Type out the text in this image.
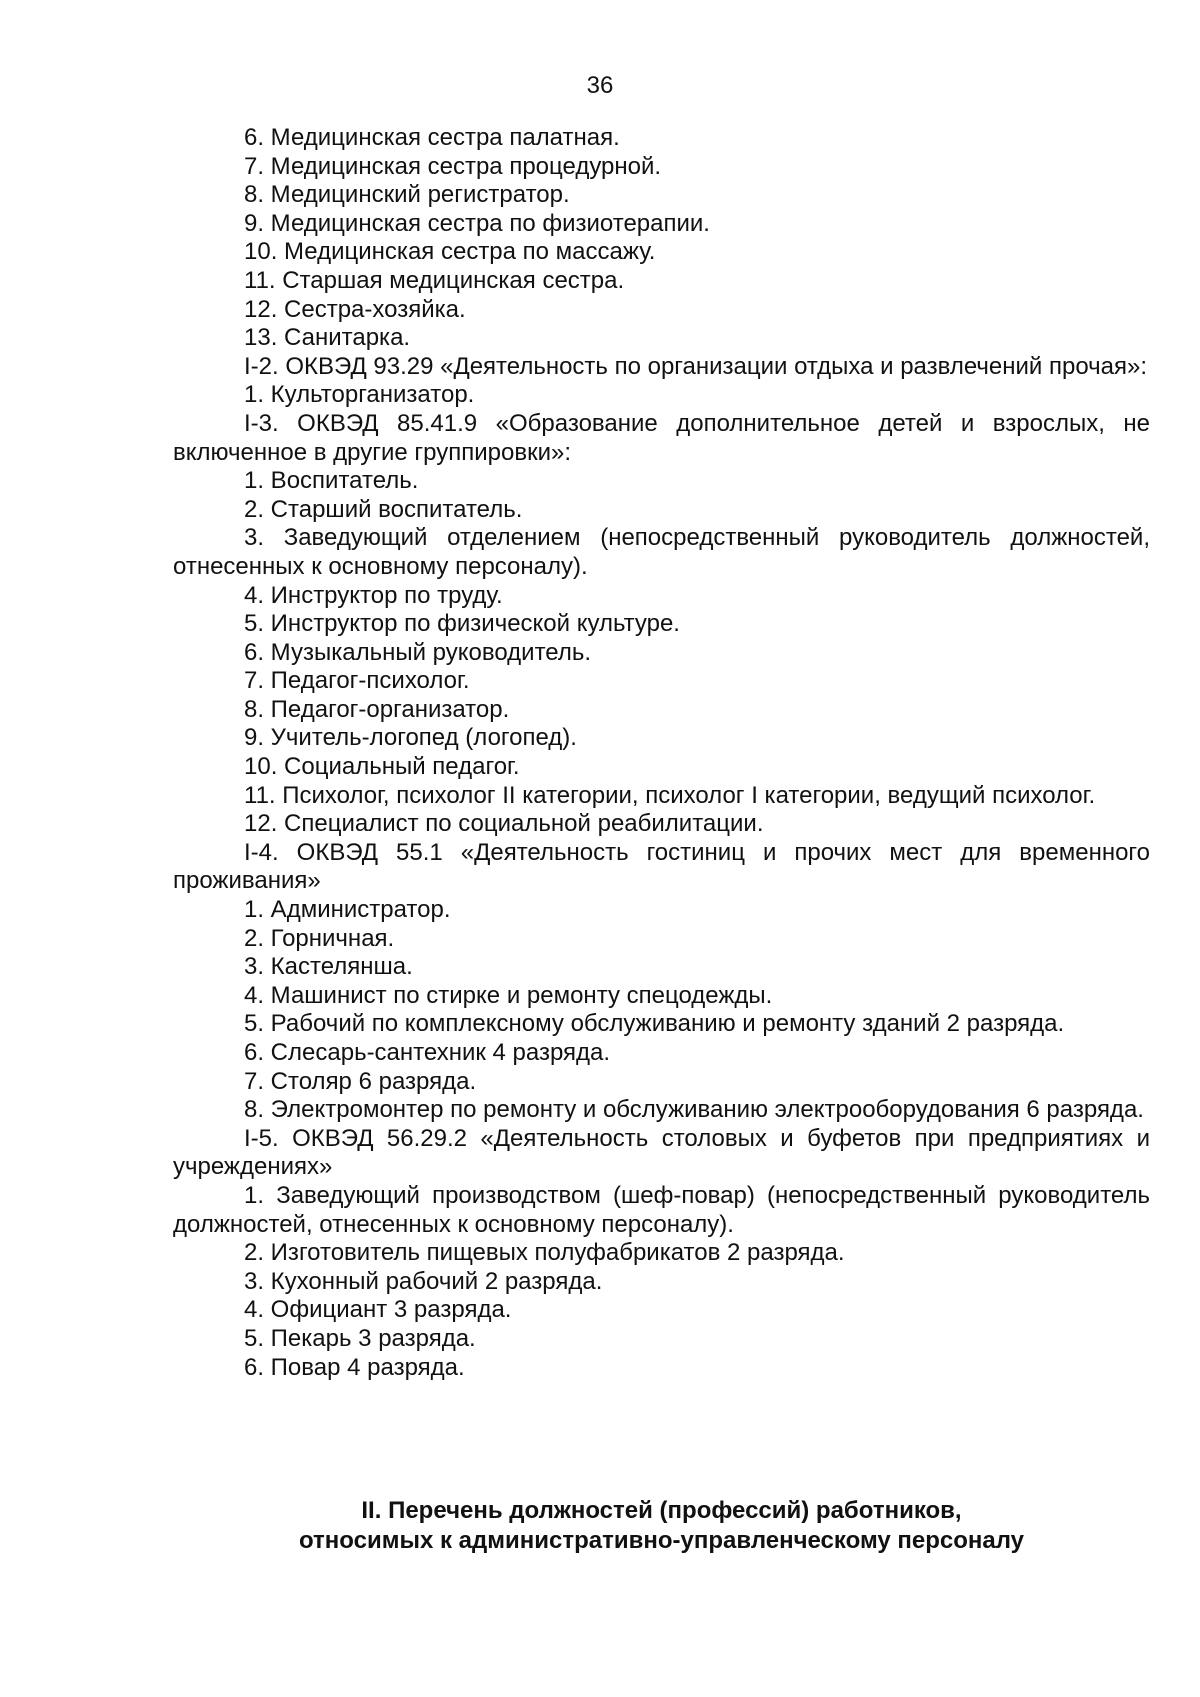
36

6. Медицинская сестра палатная.

7. Медицинская сестра процедурной.

8. Медицинский регистратор.

9. Медицинская сестра по физиотерапии.

10. Медицинская сестра по массажу.

11. Старшая медицинская сестра.

12. Сестра-хозяйка.

13. Санитарка.

I-2. ОКВЭД 93.29 «Деятельность по организации отдыха и развлечений прочая»:

1. Культорганизатор.

I-3. ОКВЭД 85.41.9 «Образование дополнительное детей и взрослых, не включенное в другие группировки»:

1. Воспитатель.

2. Старший воспитатель.

3. Заведующий отделением (непосредственный руководитель должностей, отнесенных к основному персоналу).

4. Инструктор по труду.

5. Инструктор по физической культуре.

6. Музыкальный руководитель.

7. Педагог-психолог.

8. Педагог-организатор.

9. Учитель-логопед (логопед).

10. Социальный педагог.

11. Психолог, психолог II категории, психолог I категории, ведущий психолог.

12. Специалист по социальной реабилитации.

I-4. ОКВЭД 55.1 «Деятельность гостиниц и прочих мест для временного проживания»

1. Администратор.

2. Горничная.

3. Кастелянша.

4. Машинист по стирке и ремонту спецодежды.

5. Рабочий по комплексному обслуживанию и ремонту зданий 2 разряда.

6. Слесарь-сантехник 4 разряда.

7. Столяр 6 разряда.

8. Электромонтер по ремонту и обслуживанию электрооборудования 6 разряда.

I-5. ОКВЭД 56.29.2 «Деятельность столовых и буфетов при предприятиях и учреждениях»

1. Заведующий производством (шеф-повар) (непосредственный руководитель должностей, отнесенных к основному персоналу).

2. Изготовитель пищевых полуфабрикатов 2 разряда.

3. Кухонный рабочий 2 разряда.

4. Официант 3 разряда.

5. Пекарь 3 разряда.

6. Повар 4 разряда.

II. Перечень должностей (профессий) работников,
относимых к административно-управленческому персоналу
